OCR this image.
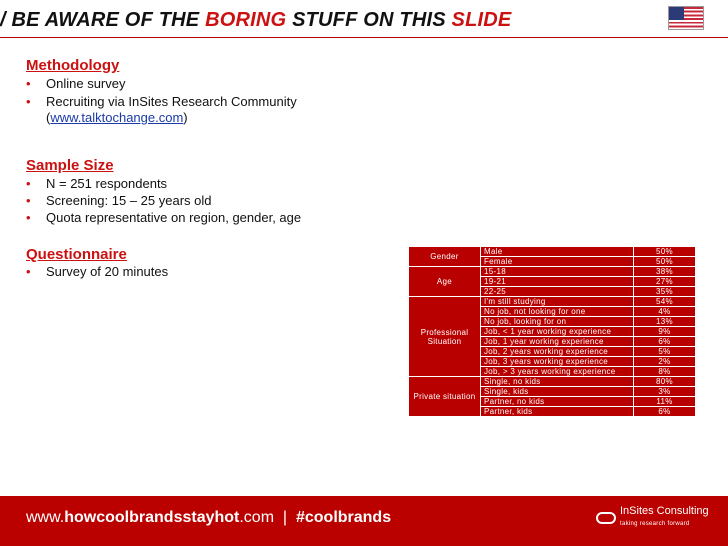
/ BE AWARE OF THE BORING STUFF ON THIS SLIDE
Methodology
• Online survey
• Recruiting via InSites Research Community
(www.talktochange.com)
Sample Size
• N = 251 respondents
• Screening: 15 – 25 years old
• Quota representative on region, gender, age
Questionnaire
• Survey of 20 minutes
Gender	Male	50%
	Female	50%
Age	15-18	38%
	19-21	27%
	22-25	35%
Professional Situation	I'm still studying	54%
	No job, not looking for one	4%
	No job, looking for on	13%
	Job, < 1 year working experience	9%
	Job, 1 year working experience	6%
	Job, 2 years working experience	5%
	Job, 3 years working experience	2%
	Job, > 3 years working experience	8%
Private situation	Single, no kids	80%
	Single, kids	3%
	Partner, no kids	11%
	Partner, kids	6%
www.howcoolbrandsstayhot.com | #coolbrands	InSites Consulting
taking research forward
